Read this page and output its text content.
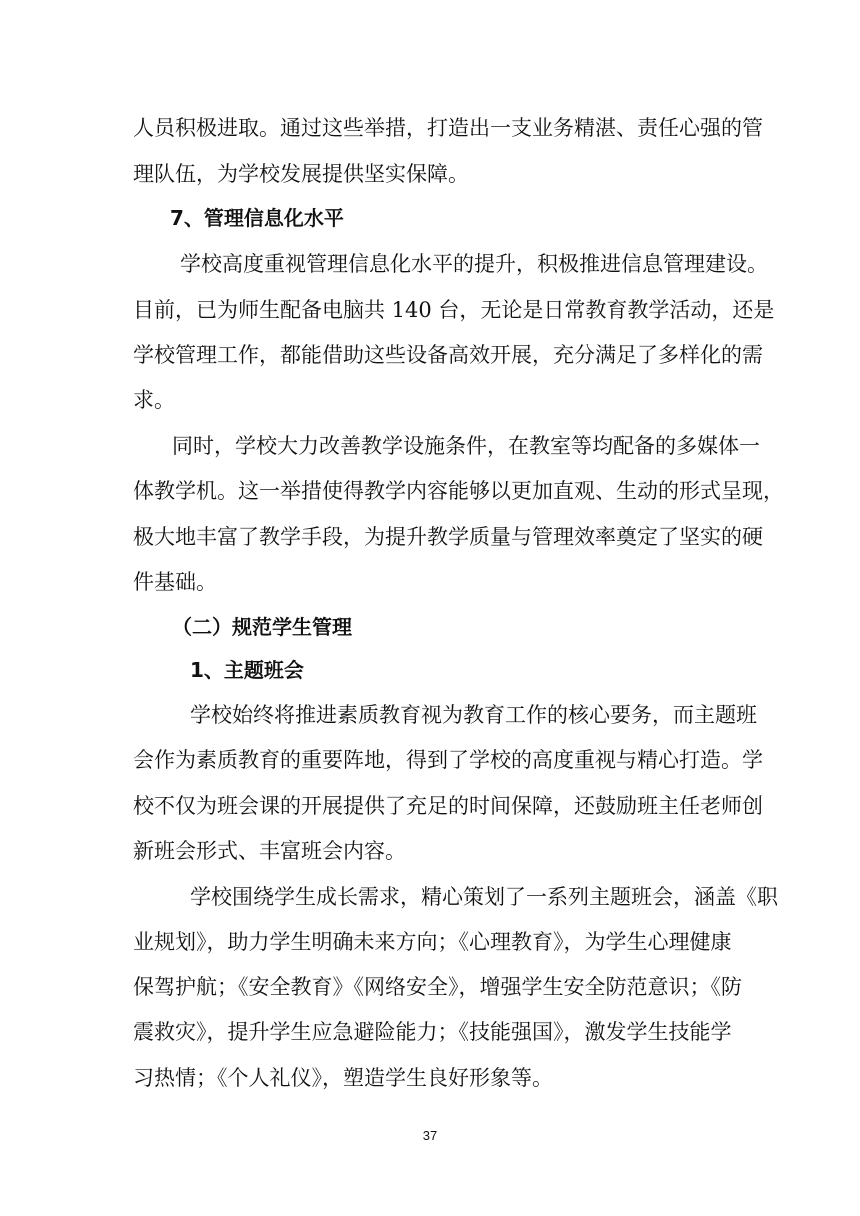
人员积极进取。通过这些举措，打造出一支业务精湛、责任心强的管
理队伍，为学校发展提供坚实保障。
7、管理信息化水平
学校高度重视管理信息化水平的提升，积极推进信息管理建设。
目前，已为师生配备电脑共 140 台，无论是日常教育教学活动，还是
学校管理工作，都能借助这些设备高效开展，充分满足了多样化的需
求。
同时，学校大力改善教学设施条件，在教室等均配备的多媒体一
体教学机。这一举措使得教学内容能够以更加直观、生动的形式呈现，
极大地丰富了教学手段，为提升教学质量与管理效率奠定了坚实的硬
件基础。
（二）规范学生管理
1、主题班会
学校始终将推进素质教育视为教育工作的核心要务，而主题班
会作为素质教育的重要阵地，得到了学校的高度重视与精心打造。学
校不仅为班会课的开展提供了充足的时间保障，还鼓励班主任老师创
新班会形式、丰富班会内容。
学校围绕学生成长需求，精心策划了一系列主题班会，涵盖《职
业规划》，助力学生明确未来方向；《心理教育》，为学生心理健康
保驾护航；《安全教育》《网络安全》，增强学生安全防范意识；《防
震救灾》，提升学生应急避险能力；《技能强国》，激发学生技能学
习热情；《个人礼仪》，塑造学生良好形象等。
37
